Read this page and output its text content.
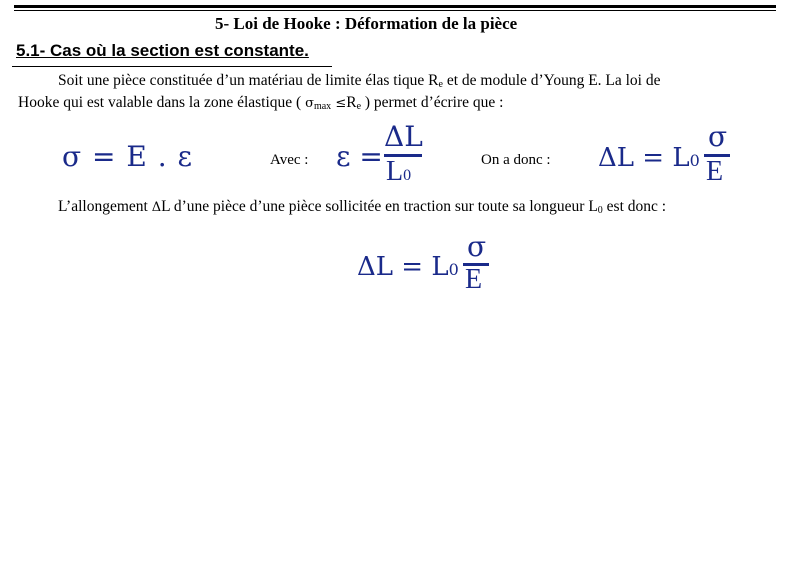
5- Loi de Hooke : Déformation de la pièce
5.1- Cas où la section est constante.
Soit une pièce constituée d’un matériau de limite élas tique $R_e$ et de module d’Young E. La loi de
Hooke qui est valable dans la zone élastique ( $\sigma_{max} \le R_e$ ) permet d’écrire que :
σ = E . ε	Avec : ε =
ΔL
L0
On a donc : ΔL = L0
σ
E
L’allongement ΔL d’une pièce d’une pièce sollicitée en traction sur toute sa longueur $L_0$ est donc :
ΔL = L0
σ
E
